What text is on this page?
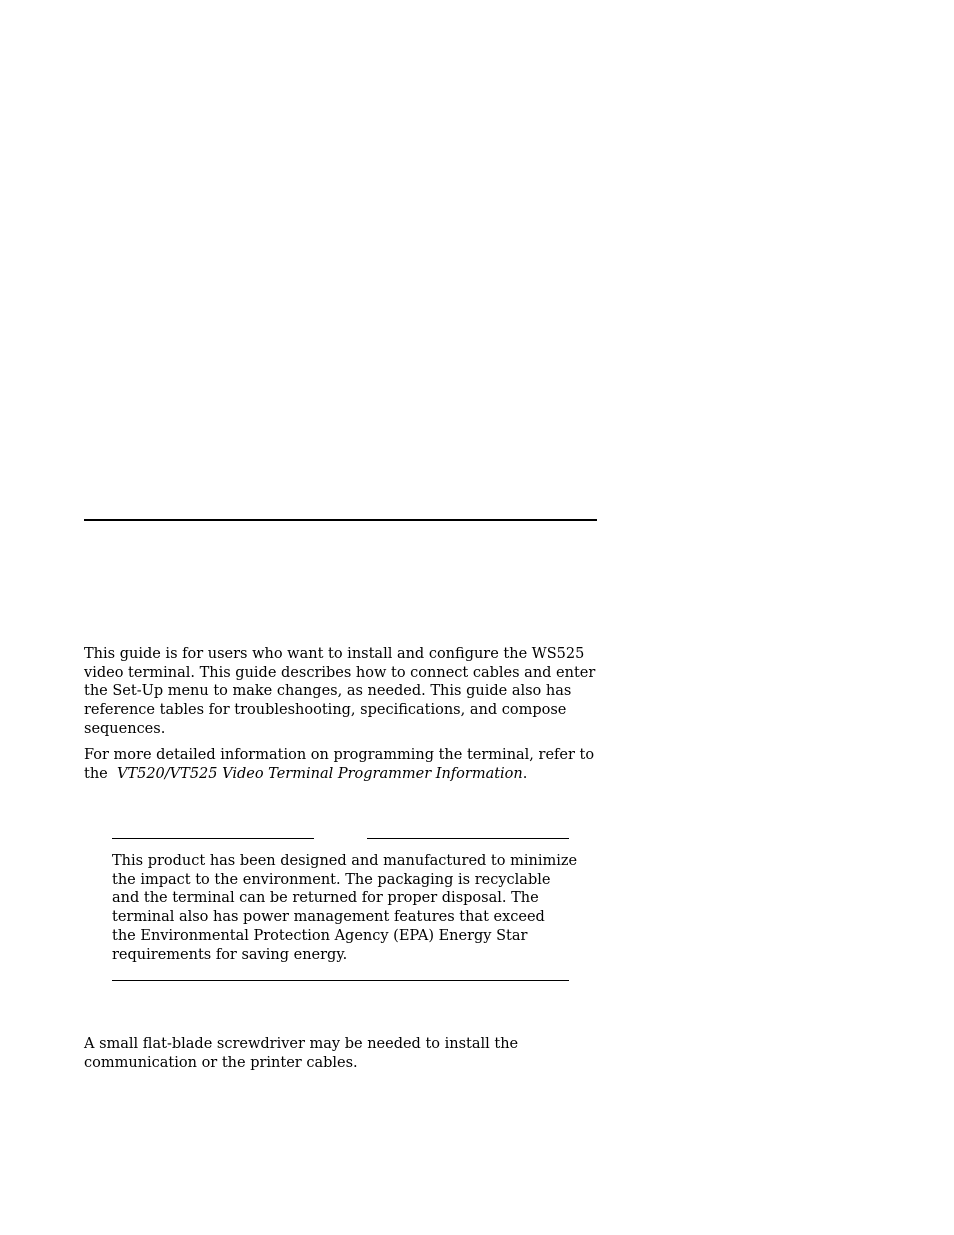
This guide is for users who want to install and configure the WS525
video terminal. This guide describes how to connect cables and enter
the Set-Up menu to make changes, as needed. This guide also has
reference tables for troubleshooting, specifications, and compose
sequences.

For more detailed information on programming the terminal, refer to
the  VT520/VT525 Video Terminal Programmer Information.

This product has been designed and manufactured to minimize
the impact to the environment. The packaging is recyclable
and the terminal can be returned for proper disposal. The
terminal also has power management features that exceed
the Environmental Protection Agency (EPA) Energy Star
requirements for saving energy.

A small flat-blade screwdriver may be needed to install the
communication or the printer cables.
